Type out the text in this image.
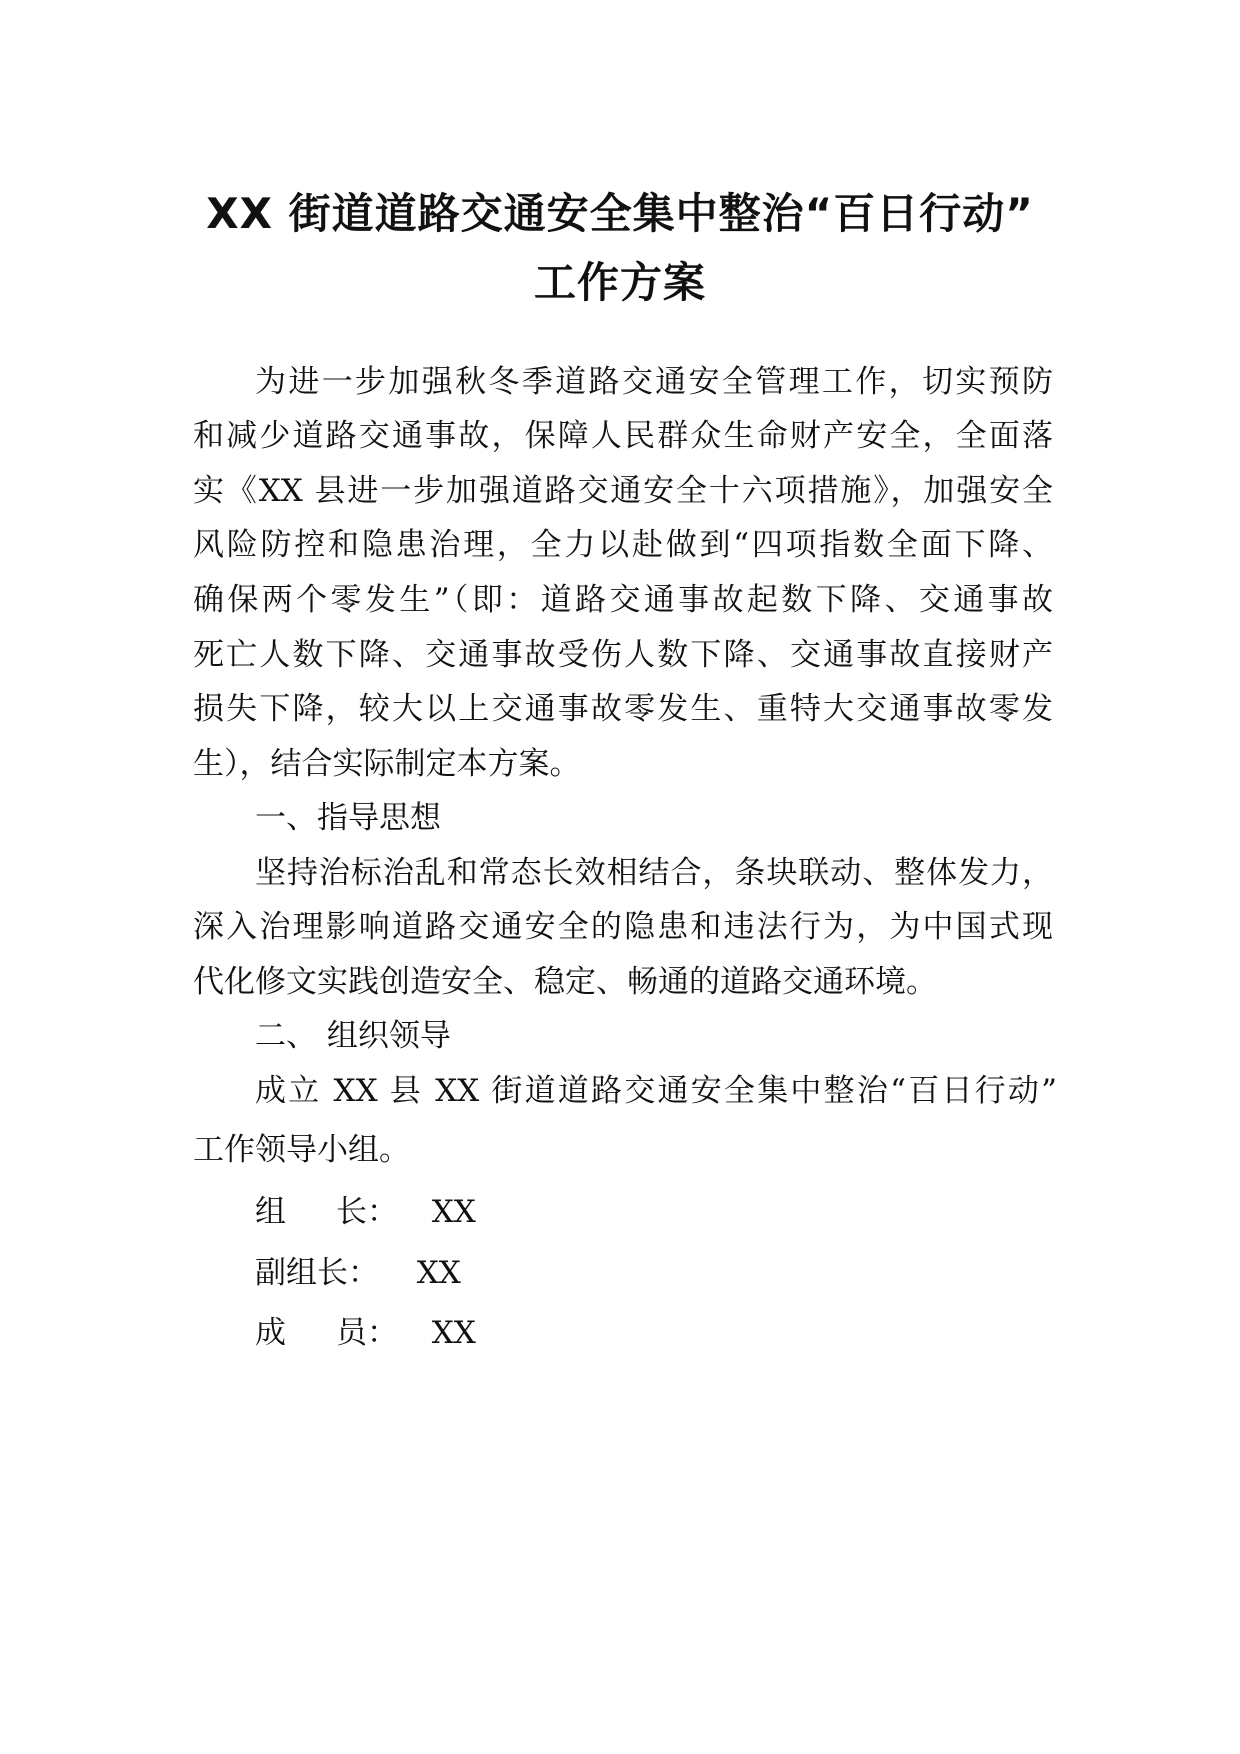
XX 街道道路交通安全集中整治“百日行动”
工作方案
为进一步加强秋冬季道路交通安全管理工作，切实预防
和减少道路交通事故，保障人民群众生命财产安全，全面落
实《XX 县进一步加强道路交通安全十六项措施》，加强安全
风险防控和隐患治理，全力以赴做到“四项指数全面下降、
确保两个零发生”（即：道路交通事故起数下降、交通事故
死亡人数下降、交通事故受伤人数下降、交通事故直接财产
损失下降，较大以上交通事故零发生、重特大交通事故零发
生），结合实际制定本方案。
一、指导思想
坚持治标治乱和常态长效相结合，条块联动、整体发力，
深入治理影响道路交通安全的隐患和违法行为，为中国式现
代化修文实践创造安全、稳定、畅通的道路交通环境。
二、 组织领导
成立 XX 县 XX 街道道路交通安全集中整治“百日行动”
工作领导小组。
组 长： XX
副组长： XX
成 员： XX
